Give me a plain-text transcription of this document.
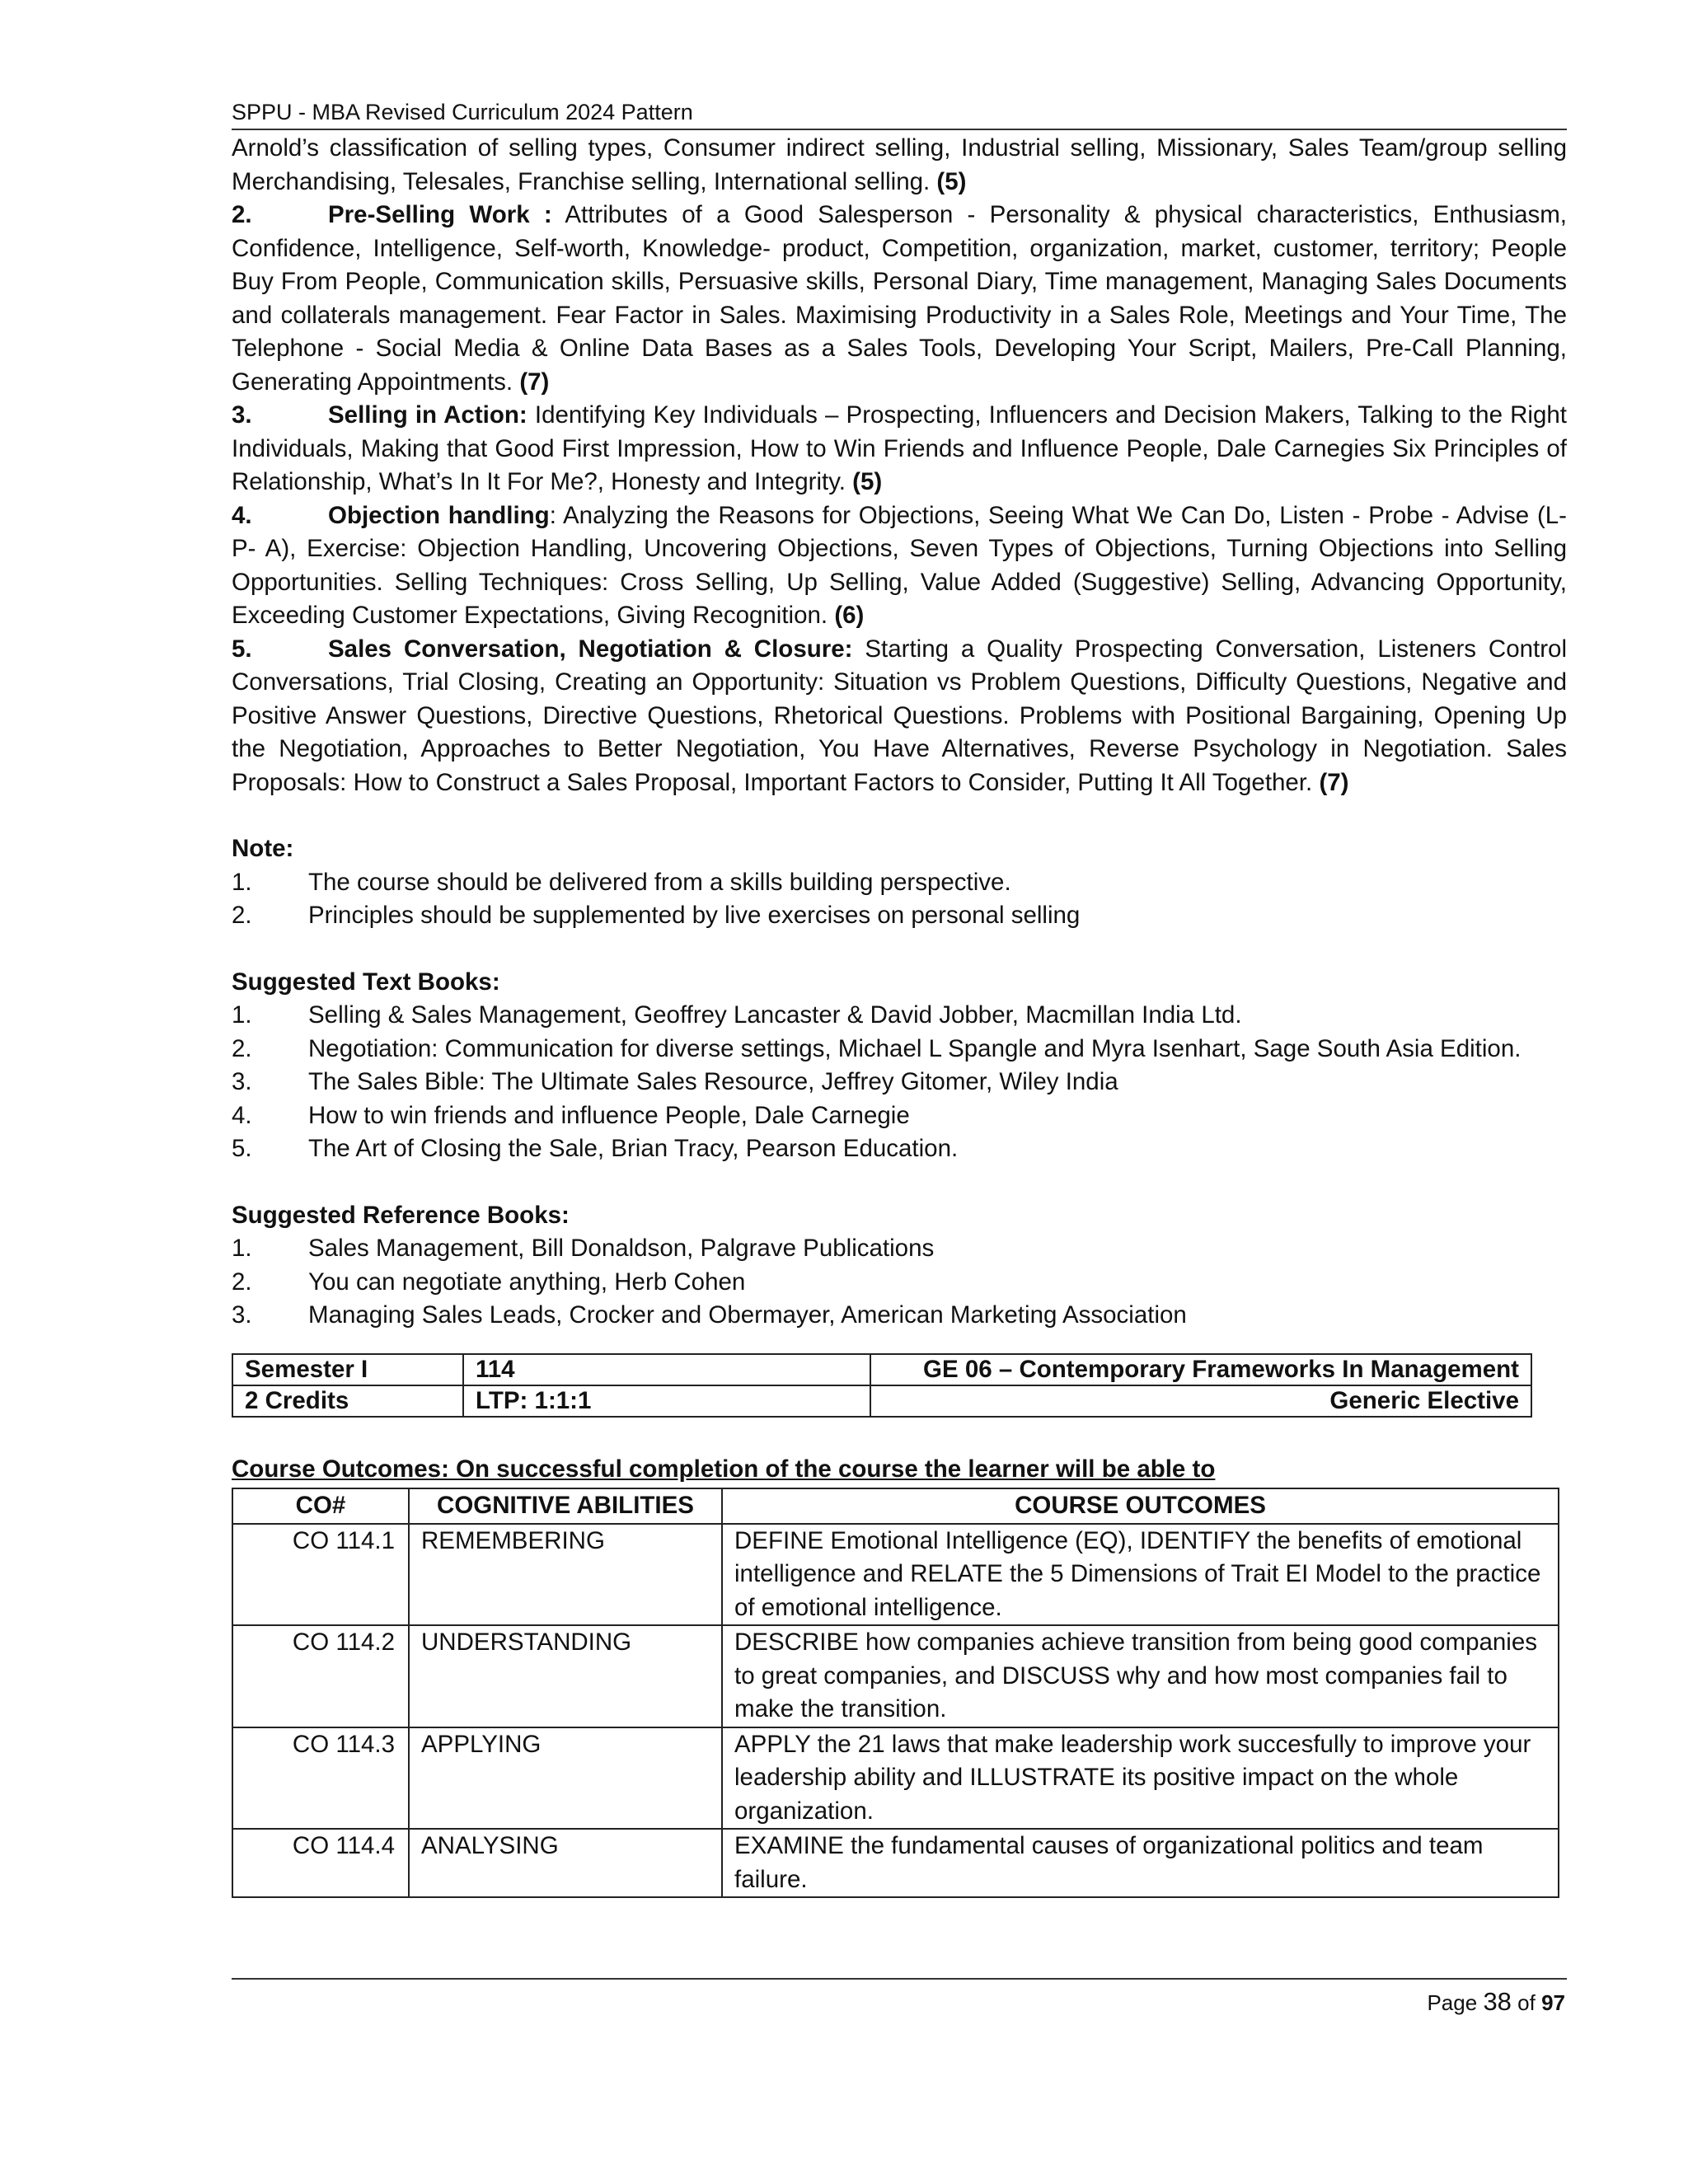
SPPU - MBA Revised Curriculum 2024 Pattern

Arnold’s classification of selling types, Consumer indirect selling, Industrial selling, Missionary, Sales Team/group selling Merchandising, Telesales, Franchise selling, International selling. (5)

2.	Pre-Selling Work : Attributes of a Good Salesperson - Personality & physical characteristics, Enthusiasm, Confidence, Intelligence, Self-worth, Knowledge- product, Competition, organization, market, customer, territory; People Buy From People, Communication skills, Persuasive skills, Personal Diary, Time management, Managing Sales Documents and collaterals management. Fear Factor in Sales. Maximising Productivity in a Sales Role, Meetings and Your Time, The Telephone - Social Media & Online Data Bases as a Sales Tools, Developing Your Script, Mailers, Pre-Call Planning, Generating Appointments. (7)

3.	Selling in Action: Identifying Key Individuals – Prospecting, Influencers and Decision Makers, Talking to the Right Individuals, Making that Good First Impression, How to Win Friends and Influence People, Dale Carnegies Six Principles of Relationship, What’s In It For Me?, Honesty and Integrity. (5)

4.	Objection handling: Analyzing the Reasons for Objections, Seeing What We Can Do, Listen - Probe - Advise (L-P- A), Exercise: Objection Handling, Uncovering Objections, Seven Types of Objections, Turning Objections into Selling Opportunities. Selling Techniques: Cross Selling, Up Selling, Value Added (Suggestive) Selling, Advancing Opportunity, Exceeding Customer Expectations, Giving Recognition. (6)

5.	Sales Conversation, Negotiation & Closure: Starting a Quality Prospecting Conversation, Listeners Control Conversations, Trial Closing, Creating an Opportunity: Situation vs Problem Questions, Difficulty Questions, Negative and Positive Answer Questions, Directive Questions, Rhetorical Questions. Problems with Positional Bargaining, Opening Up the Negotiation, Approaches to Better Negotiation, You Have Alternatives, Reverse Psychology in Negotiation. Sales Proposals: How to Construct a Sales Proposal, Important Factors to Consider, Putting It All Together. (7)

Note:
1.	The course should be delivered from a skills building perspective.
2.	Principles should be supplemented by live exercises on personal selling
Suggested Text Books:
1.	Selling & Sales Management, Geoffrey Lancaster & David Jobber, Macmillan India Ltd.
2.	Negotiation: Communication for diverse settings, Michael L Spangle and Myra Isenhart, Sage South Asia Edition.
3.	The Sales Bible: The Ultimate Sales Resource, Jeffrey Gitomer, Wiley India
4.	How to win friends and influence People, Dale Carnegie
5.	The Art of Closing the Sale, Brian Tracy, Pearson Education.
Suggested Reference Books:
1.	Sales Management, Bill Donaldson, Palgrave Publications
2.	You can negotiate anything, Herb Cohen
3.	Managing Sales Leads, Crocker and Obermayer, American Marketing Association
Semester I	114	GE 06 – Contemporary Frameworks In Management
2 Credits	LTP: 1:1:1	Generic Elective
Course Outcomes: On successful completion of the course the learner will be able to
CO#	COGNITIVE ABILITIES	COURSE OUTCOMES
CO 114.1	REMEMBERING	DEFINE Emotional Intelligence (EQ), IDENTIFY the benefits of emotional intelligence and RELATE the 5 Dimensions of Trait EI Model to the practice of emotional intelligence.
CO 114.2	UNDERSTANDING	DESCRIBE how companies achieve transition from being good companies to great companies, and DISCUSS why and how most companies fail to make the transition.
CO 114.3	APPLYING	APPLY the 21 laws that make leadership work succesfully to improve your leadership ability and ILLUSTRATE its positive impact on the whole organization.
CO 114.4	ANALYSING	EXAMINE the fundamental causes of organizational politics and team failure.
Page 38 of 97
